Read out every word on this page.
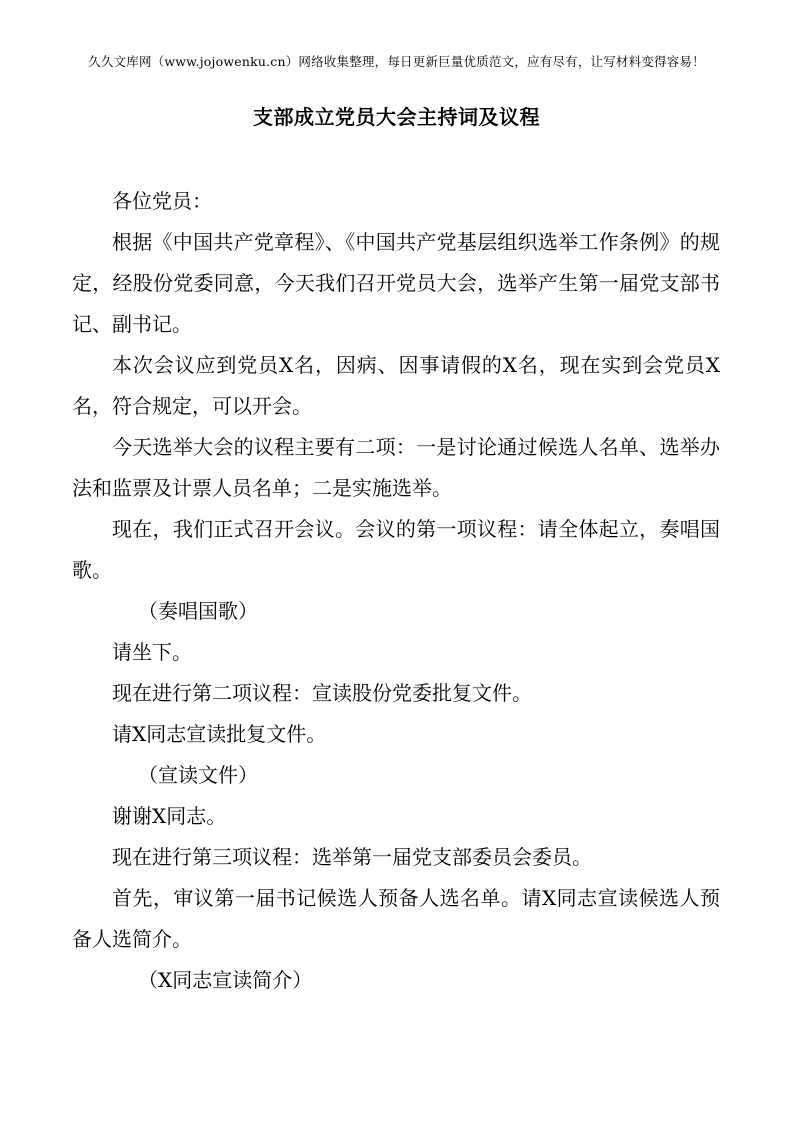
久久文库网（www.jojowenku.cn）网络收集整理，每日更新巨量优质范文，应有尽有，让写材料变得容易！
支部成立党员大会主持词及议程

各位党员：

根据《中国共产党章程》、《中国共产党基层组织选举工作条例》的规定，经股份党委同意，今天我们召开党员大会，选举产生第一届党支部书记、副书记。

本次会议应到党员X名，因病、因事请假的X名，现在实到会党员X名，符合规定，可以开会。

今天选举大会的议程主要有二项：一是讨论通过候选人名单、选举办法和监票及计票人员名单；二是实施选举。

现在，我们正式召开会议。会议的第一项议程：请全体起立，奏唱国歌。

（奏唱国歌）

请坐下。

现在进行第二项议程：宣读股份党委批复文件。

请X同志宣读批复文件。

（宣读文件）

谢谢X同志。

现在进行第三项议程：选举第一届党支部委员会委员。

首先，审议第一届书记候选人预备人选名单。请X同志宣读候选人预备人选简介。

（X同志宣读简介）
